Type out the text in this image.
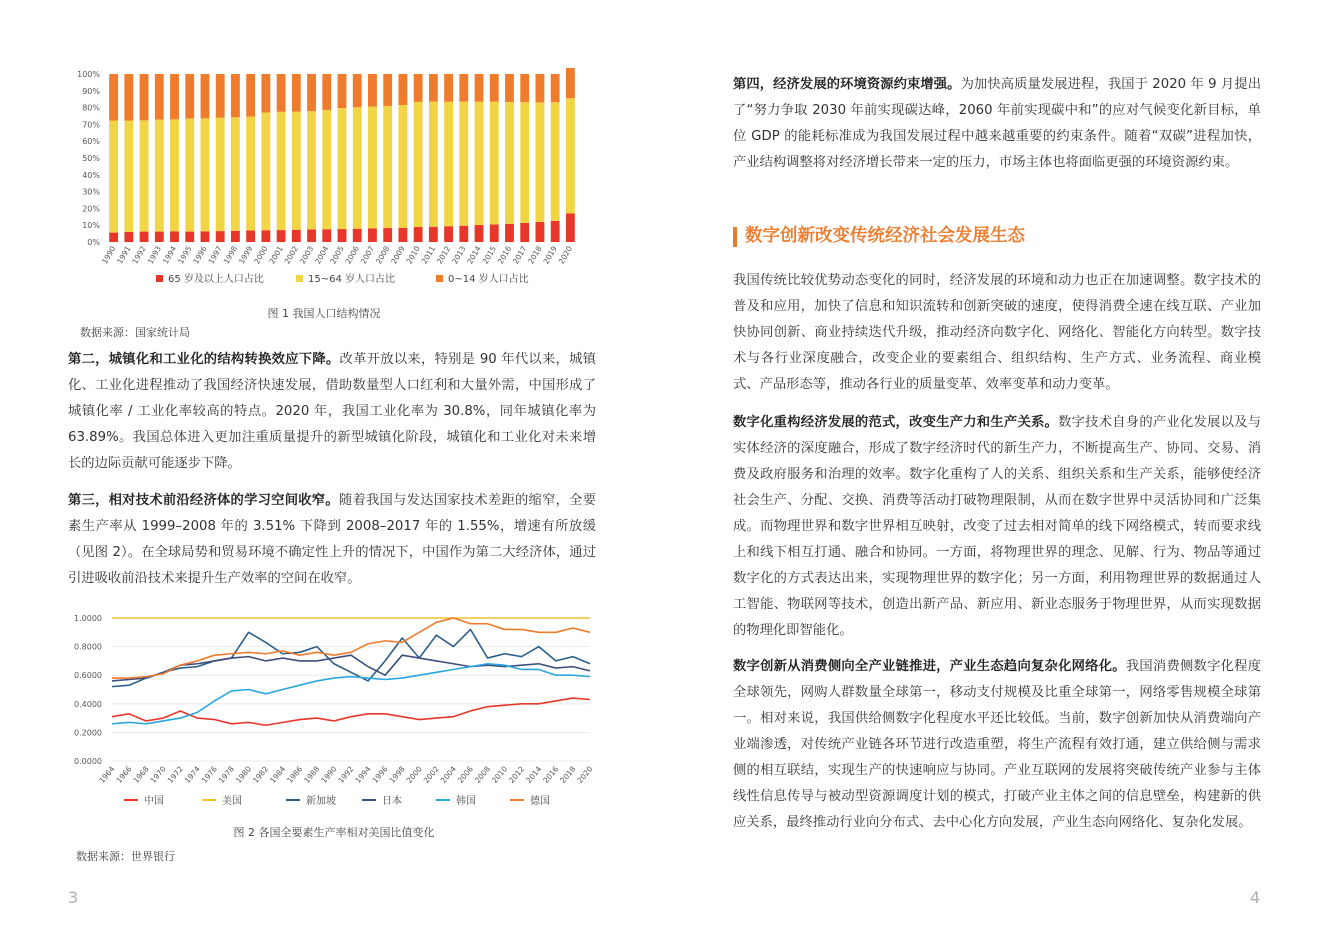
0%
10%
20%
30%
40%
50%
60%
70%
80%
90%
100%
1990
1991
1992
1993
1994
1995
1996
1997
1998
1999
2000
2001
2002
2003
2004
2005
2006
2007
2008
2009
2010
2011
2012
2013
2014
2015
2016
2017
2018
2019
2020
65 岁及以上人口占比	15~64 岁人口占比	0~14 岁人口占比
图 1 我国人口结构情况
数据来源：国家统计局
第二，城镇化和工业化的结构转换效应下降。改革开放以来，特别是 90 年代以来，城镇化、工业化进程推动了我国经济快速发展，借助数量型人口红利和大量外需，中国形成了城镇化率 / 工业化率较高的特点。2020 年，我国工业化率为 30.8%，同年城镇化率为 63.89%。我国总体进入更加注重质量提升的新型城镇化阶段，城镇化和工业化对未来增长的边际贡献可能逐步下降。
第三，相对技术前沿经济体的学习空间收窄。随着我国与发达国家技术差距的缩窄，全要素生产率从 1999–2008 年的 3.51% 下降到 2008–2017 年的 1.55%，增速有所放缓（见图 2）。在全球局势和贸易环境不确定性上升的情况下，中国作为第二大经济体，通过引进吸收前沿技术来提升生产效率的空间在收窄。
0.0000
0.2000
0.4000
0.6000
0.8000
1.0000
1964
1966
1968
1970
1972
1974
1976
1978
1980
1982
1984
1986
1988
1990
1992
1994
1996
1998
2000
2002
2004
2006
2008
2010
2012
2014
2016
2018
2020
中国	美国	新加坡	日本	韩国	德国
图 2 各国全要素生产率相对美国比值变化
数据来源：世界银行
3
第四，经济发展的环境资源约束增强。为加快高质量发展进程，我国于 2020 年 9 月提出了“努力争取 2030 年前实现碳达峰，2060 年前实现碳中和”的应对气候变化新目标，单位 GDP 的能耗标准成为我国发展过程中越来越重要的约束条件。随着“双碳”进程加快，产业结构调整将对经济增长带来一定的压力，市场主体也将面临更强的环境资源约束。
数字创新改变传统经济社会发展生态
我国传统比较优势动态变化的同时，经济发展的环境和动力也正在加速调整。数字技术的普及和应用，加快了信息和知识流转和创新突破的速度，使得消费全速在线互联、产业加快协同创新、商业持续迭代升级，推动经济向数字化、网络化、智能化方向转型。数字技术与各行业深度融合，改变企业的要素组合、组织结构、生产方式、业务流程、商业模式、产品形态等，推动各行业的质量变革、效率变革和动力变革。
数字化重构经济发展的范式，改变生产力和生产关系。数字技术自身的产业化发展以及与实体经济的深度融合，形成了数字经济时代的新生产力，不断提高生产、协同、交易、消费及政府服务和治理的效率。数字化重构了人的关系、组织关系和生产关系，能够使经济社会生产、分配、交换、消费等活动打破物理限制，从而在数字世界中灵活协同和广泛集成。而物理世界和数字世界相互映射，改变了过去相对简单的线下网络模式，转而要求线上和线下相互打通、融合和协同。一方面，将物理世界的理念、见解、行为、物品等通过数字化的方式表达出来，实现物理世界的数字化；另一方面，利用物理世界的数据通过人工智能、物联网等技术，创造出新产品、新应用、新业态服务于物理世界，从而实现数据的物理化即智能化。
数字创新从消费侧向全产业链推进，产业生态趋向复杂化网络化。我国消费侧数字化程度全球领先，网购人群数量全球第一，移动支付规模及比重全球第一，网络零售规模全球第一。相对来说，我国供给侧数字化程度水平还比较低。当前，数字创新加快从消费端向产业端渗透，对传统产业链各环节进行改造重塑，将生产流程有效打通，建立供给侧与需求侧的相互联结，实现生产的快速响应与协同。产业互联网的发展将突破传统产业参与主体线性信息传导与被动型资源调度计划的模式，打破产业主体之间的信息壁垒，构建新的供应关系，最终推动行业向分布式、去中心化方向发展，产业生态向网络化、复杂化发展。
4
